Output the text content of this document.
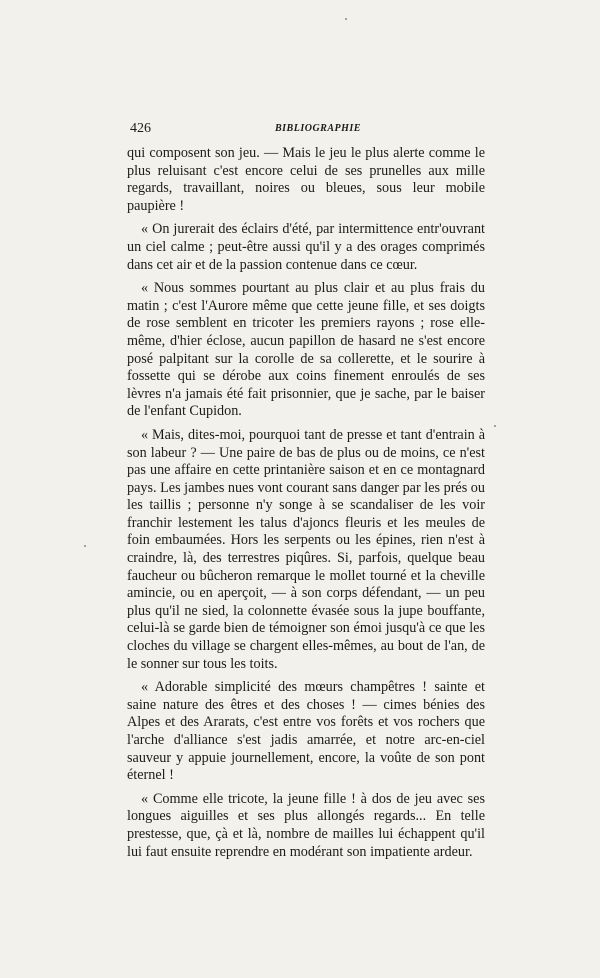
426	BIBLIOGRAPHIE

qui composent son jeu. — Mais le jeu le plus alerte comme le plus reluisant c'est encore celui de ses prunelles aux mille regards, travaillant, noires ou bleues, sous leur mobile paupière !

« On jurerait des éclairs d'été, par intermittence entr'ouvrant un ciel calme ; peut-être aussi qu'il y a des orages comprimés dans cet air et de la passion contenue dans ce cœur.

« Nous sommes pourtant au plus clair et au plus frais du matin ; c'est l'Aurore même que cette jeune fille, et ses doigts de rose semblent en tricoter les premiers rayons ; rose elle-même, d'hier éclose, aucun papillon de hasard ne s'est encore posé palpitant sur la corolle de sa collerette, et le sourire à fossette qui se dérobe aux coins finement enroulés de ses lèvres n'a jamais été fait prisonnier, que je sache, par le baiser de l'enfant Cupidon.

« Mais, dites-moi, pourquoi tant de presse et tant d'entrain à son labeur ? — Une paire de bas de plus ou de moins, ce n'est pas une affaire en cette printanière saison et en ce montagnard pays. Les jambes nues vont courant sans danger par les prés ou les taillis ; personne n'y songe à se scandaliser de les voir franchir lestement les talus d'ajoncs fleuris et les meules de foin embaumées. Hors les serpents ou les épines, rien n'est à craindre, là, des terrestres piqûres. Si, parfois, quelque beau faucheur ou bûcheron remarque le mollet tourné et la cheville amincie, ou en aperçoit, — à son corps défendant, — un peu plus qu'il ne sied, la colonnette évasée sous la jupe bouffante, celui-là se garde bien de témoigner son émoi jusqu'à ce que les cloches du village se chargent elles-mêmes, au bout de l'an, de le sonner sur tous les toits.

« Adorable simplicité des mœurs champêtres ! sainte et saine nature des êtres et des choses ! — cimes bénies des Alpes et des Ararats, c'est entre vos forêts et vos rochers que l'arche d'alliance s'est jadis amarrée, et notre arc-en-ciel sauveur y appuie journellement, encore, la voûte de son pont éternel !

« Comme elle tricote, la jeune fille ! à dos de jeu avec ses longues aiguilles et ses plus allongés regards... En telle prestesse, que, çà et là, nombre de mailles lui échappent qu'il lui faut ensuite reprendre en modérant son impatiente ardeur.
